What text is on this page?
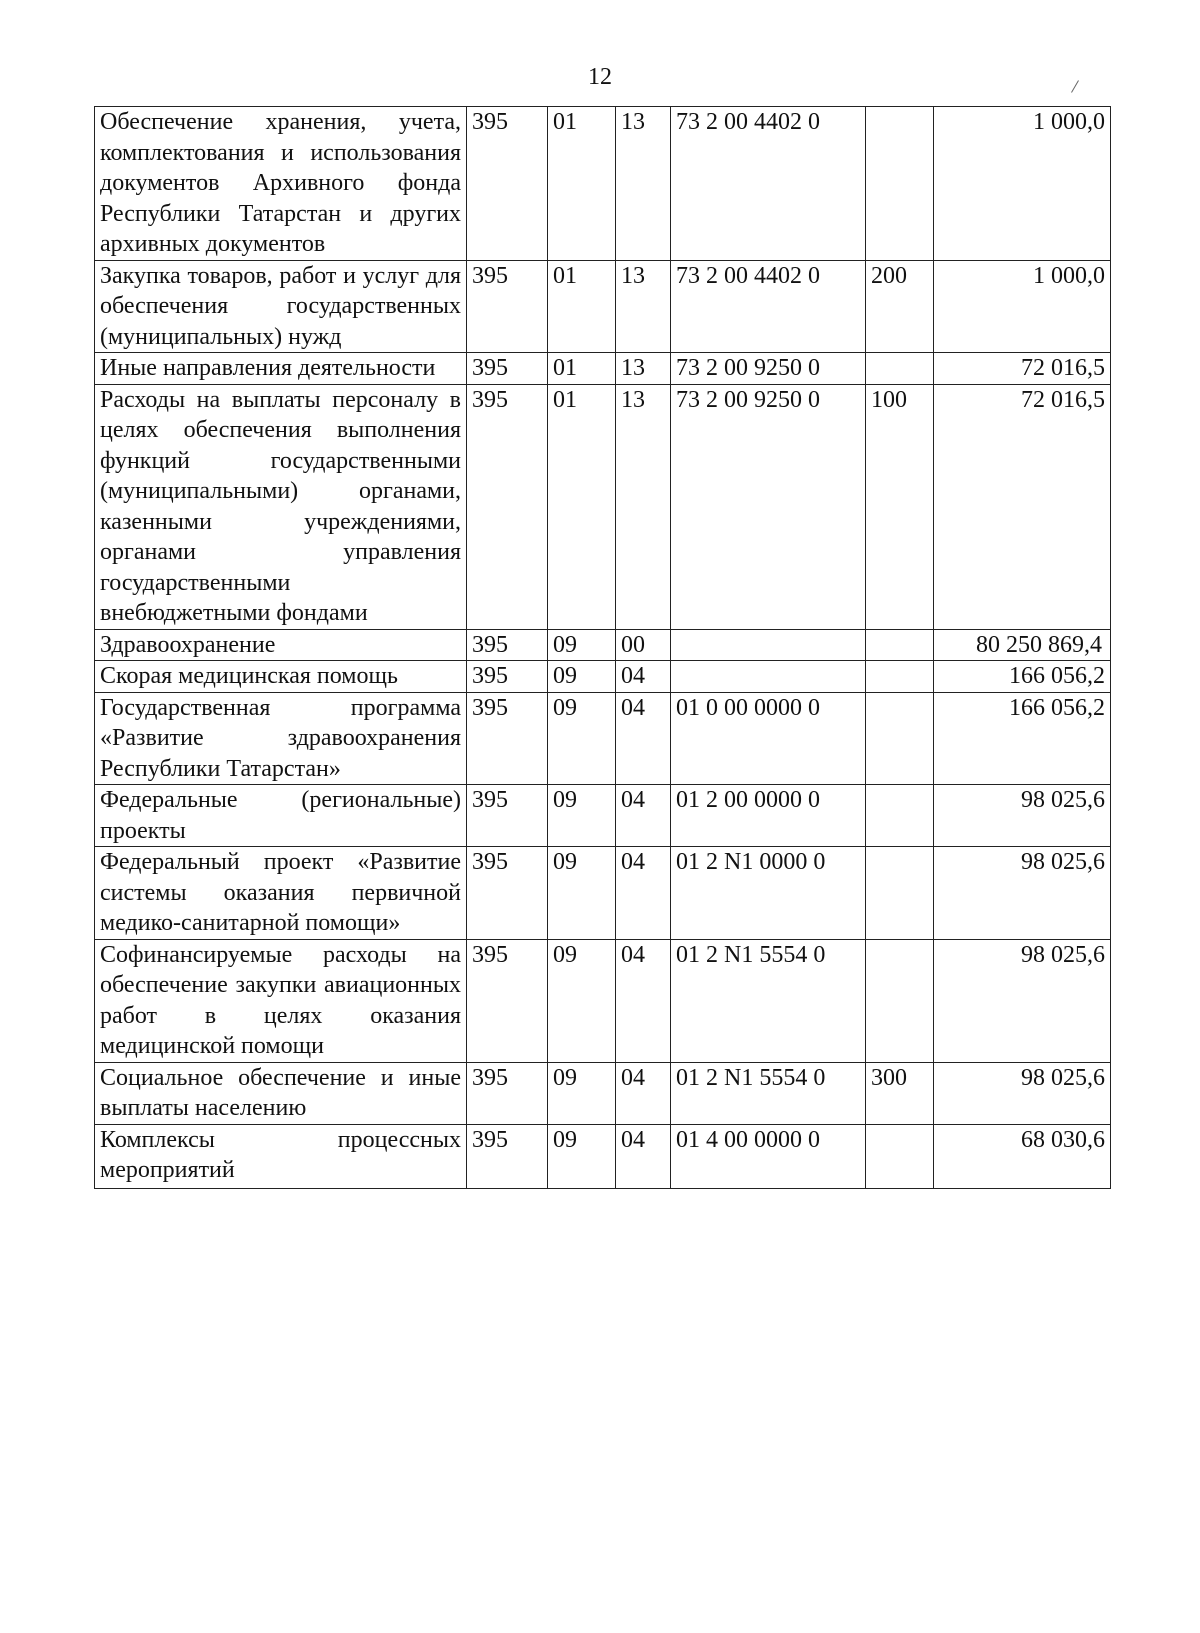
12
Обеспечение хранения, учета, комплектования и использования документов Архивного фонда Республики Татарстан и других архивных документов	395	01	13	73 2 00 4402 0		1 000,0
Закупка товаров, работ и услуг для обеспечения государственных (муниципальных) нужд	395	01	13	73 2 00 4402 0	200	1 000,0
Иные направления деятельности	395	01	13	73 2 00 9250 0		72 016,5
Расходы на выплаты персоналу в целях обеспечения выполнения функций государственными (муниципальными) органами, казенными учреждениями, органами управления государственными внебюджетными фондами	395	01	13	73 2 00 9250 0	100	72 016,5
Здравоохранение	395	09	00			80 250 869,4
Скорая медицинская помощь	395	09	04			166 056,2
Государственная программа «Развитие здравоохранения Республики Татарстан»	395	09	04	01 0 00 0000 0		166 056,2
Федеральные (региональные) проекты	395	09	04	01 2 00 0000 0		98 025,6
Федеральный проект «Развитие системы оказания первичной медико-санитарной помощи»	395	09	04	01 2 N1 0000 0		98 025,6
Софинансируемые расходы на обеспечение закупки авиационных работ в целях оказания медицинской помощи	395	09	04	01 2 N1 5554 0		98 025,6
Социальное обеспечение и иные выплаты населению	395	09	04	01 2 N1 5554 0	300	98 025,6
Комплексы процессных мероприятий	395	09	04	01 4 00 0000 0		68 030,6
